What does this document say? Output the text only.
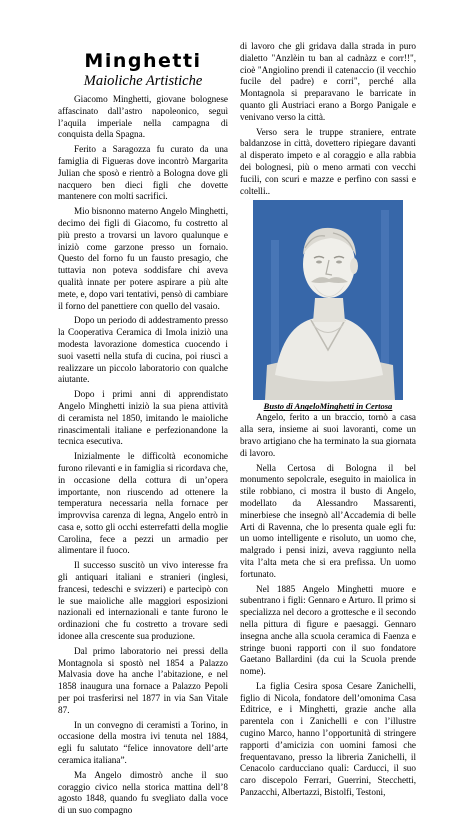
Minghetti
Maioliche Artistiche

Giacomo Minghetti, giovane bolognese affascinato dall’astro napoleonico, seguì l’aquila imperiale nella campagna di conquista della Spagna.

Ferito a Saragozza fu curato da una famiglia di Figueras dove incontrò Margarita Julian che sposò e rientrò a Bologna dove gli nacquero ben dieci figli che dovette mantenere con molti sacrifici.

Mio bisnonno materno Angelo Minghetti, decimo dei figli di Giacomo, fu costretto al più presto a trovarsi un lavoro qualunque e iniziò come garzone presso un fornaio. Questo del forno fu un fausto presagio, che tuttavia non poteva soddisfare chi aveva qualità innate per potere aspirare a più alte mete, e, dopo vari tentativi, pensò di cambiare il forno del panettiere con quello del vasaio.

Dopo un periodo di addestramento presso la Cooperativa Ceramica di Imola iniziò una modesta lavorazione domestica cuocendo i suoi vasetti nella stufa di cucina, poi riuscì a realizzare un piccolo laboratorio con qualche aiutante.

Dopo i primi anni di apprendistato Angelo Minghetti iniziò la sua piena attività di ceramista nel 1850, imitando le maioliche rinascimentali italiane e perfezionandone la tecnica esecutiva.

Inizialmente le difficoltà economiche furono rilevanti e in famiglia si ricordava che, in occasione della cottura di un’opera importante, non riuscendo ad ottenere la temperatura necessaria nella fornace per improvvisa carenza di legna, Angelo entrò in casa e, sotto gli occhi esterrefatti della moglie Carolina, fece a pezzi un armadio per alimentare il fuoco.

Il successo suscitò un vivo interesse fra gli antiquari italiani e stranieri (inglesi, francesi, tedeschi e svizzeri) e partecipò con le sue maioliche alle maggiori esposizioni nazionali ed internazionali e tante furono le ordinazioni che fu costretto a trovare sedi idonee alla crescente sua produzione.

Dal primo laboratorio nei pressi della Montagnola si spostò nel 1854 a Palazzo Malvasia dove ha anche l’abitazione, e nel 1858 inaugura una fornace a Palazzo Pepoli per poi trasferirsi nel 1877 in via San Vitale 87.

In un convegno di ceramisti a Torino, in occasione della mostra ivi tenuta nel 1884, egli fu salutato “felice innovatore dell’arte ceramica italiana”.

Ma Angelo dimostrò anche il suo coraggio civico nella storica mattina dell’8 agosto 1848, quando fu svegliato dalla voce di un suo compagno

di lavoro che gli gridava dalla strada in puro dialetto "Anzlèin tu ban al cadnàzz e corr!!", cioè "Angiolino prendi il catenaccio (il vecchio fucile del padre) e corri", perché alla Montagnola si preparavano le barricate in quanto gli Austriaci erano a Borgo Panigale e venivano verso la città.

Verso sera le truppe straniere, entrate baldanzose in città, dovettero ripiegare davanti al disperato impeto e al coraggio e alla rabbia dei bolognesi, più o meno armati con vecchi fucili, con scuri e mazze e perfino con sassi e coltelli..

Busto di AngeloMinghetti in Certosa

Angelo, ferito a un braccio, tornò a casa alla sera, insieme ai suoi lavoranti, come un bravo artigiano che ha terminato la sua giornata di lavoro.

Nella Certosa di Bologna il bel monumento sepolcrale, eseguito in maiolica in stile robbiano, ci mostra il busto di Angelo, modellato da Alessandro Massarenti, minerbiese che insegnò all’Accademia di belle Arti di Ravenna, che lo presenta quale egli fu: un uomo intelligente e risoluto, un uomo che, malgrado i pensi inizi, aveva raggiunto nella vita l’alta meta che si era prefissa. Un uomo fortunato.

Nel 1885 Angelo Minghetti muore e subentrano i figli: Gennaro e Arturo. Il primo si specializza nel decoro a grottesche e il secondo nella pittura di figure e paesaggi. Gennaro insegna anche alla scuola ceramica di Faenza e stringe buoni rapporti con il suo fondatore Gaetano Ballardini (da cui la Scuola prende nome).

La figlia Cesira sposa Cesare Zanichelli, figlio di Nicola, fondatore dell’omonima Casa Editrice, e i Minghetti, grazie anche alla parentela con i Zanichelli e con l’illustre cugino Marco, hanno l’opportunità di stringere rapporti d’amicizia con uomini famosi che frequentavano, presso la libreria Zanichelli, il Cenacolo carducciano quali: Carducci, il suo caro discepolo Ferrari, Guerrini, Stecchetti, Panzacchi, Albertazzi, Bistolfi, Testoni,
